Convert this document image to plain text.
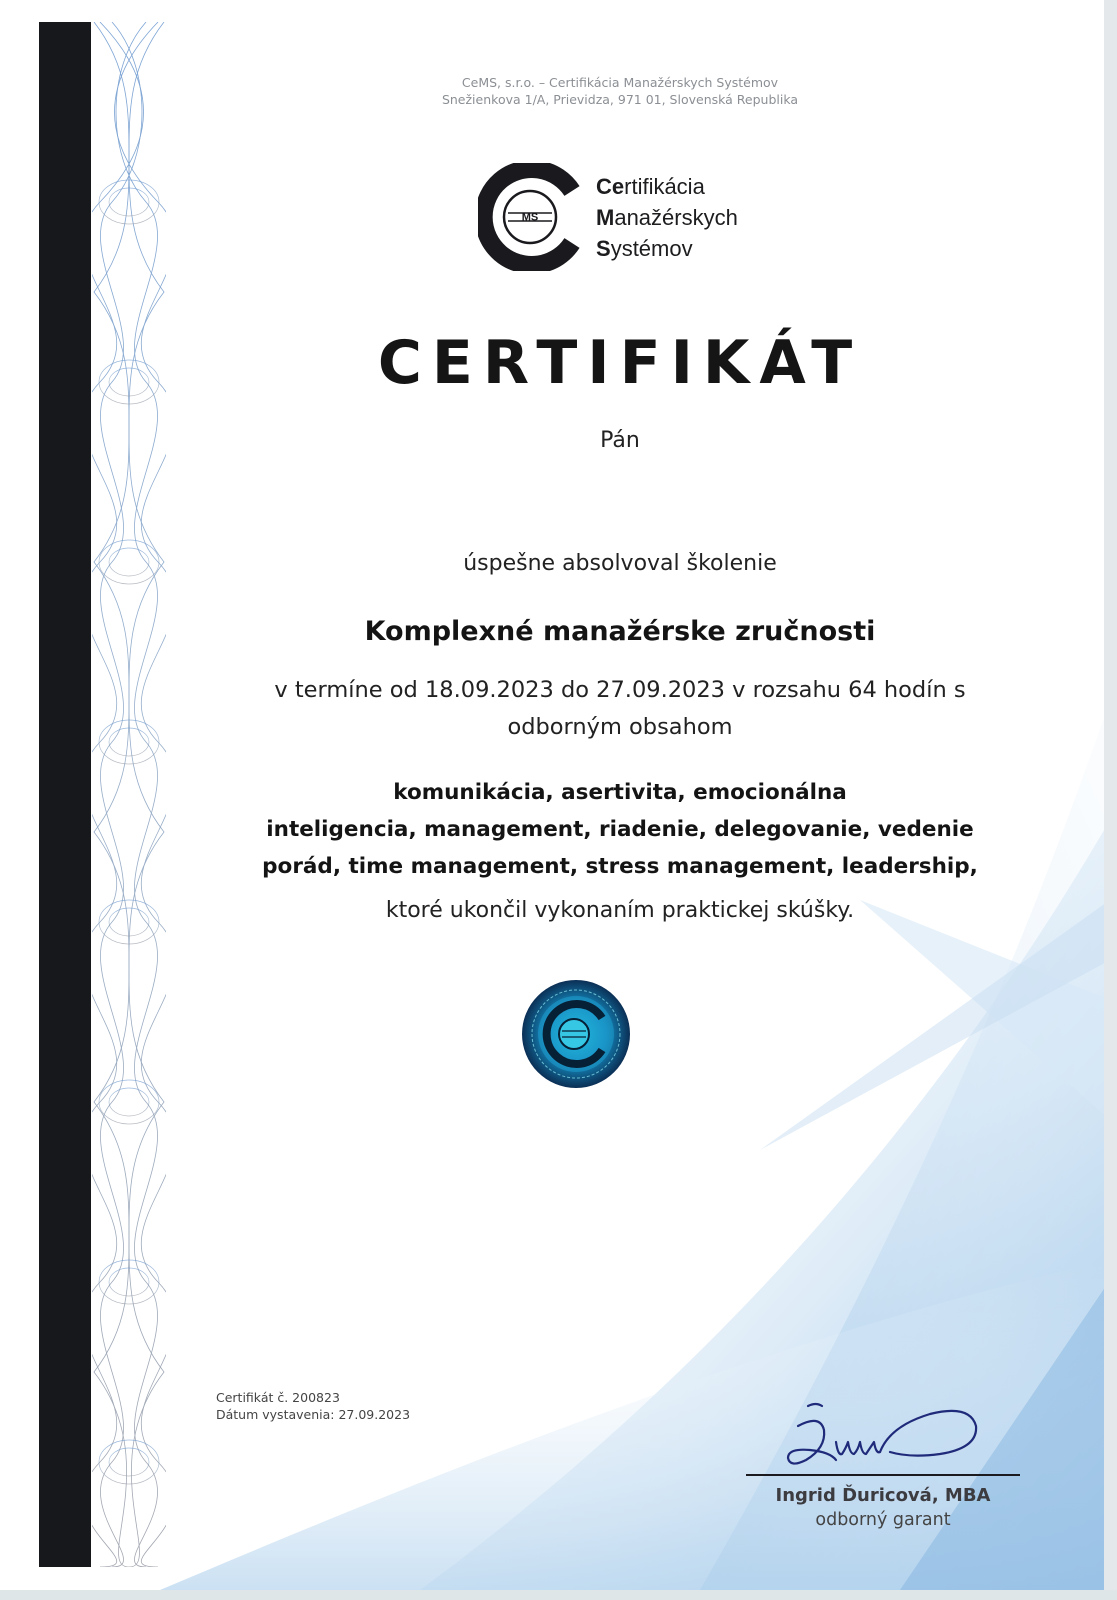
CeMS, s.r.o. – Certifikácia Manažérskych Systémov
Snežienkova 1/A, Prievidza, 971 01, Slovenská Republika
MS
Certifikácia
Manažérskych
Systémov
CERTIFIKÁT
Pán
úspešne absolvoval školenie
Komplexné manažérske zručnosti
v termíne od 18.09.2023 do 27.09.2023 v rozsahu 64 hodín s
odborným obsahom
komunikácia, asertivita, emocionálna
inteligencia, management, riadenie, delegovanie, vedenie
porád, time management, stress management, leadership,
ktoré ukončil vykonaním praktickej skúšky.
Certifikát č. 200823
Dátum vystavenia: 27.09.2023
Ingrid Ďuricová, MBA
odborný garant
